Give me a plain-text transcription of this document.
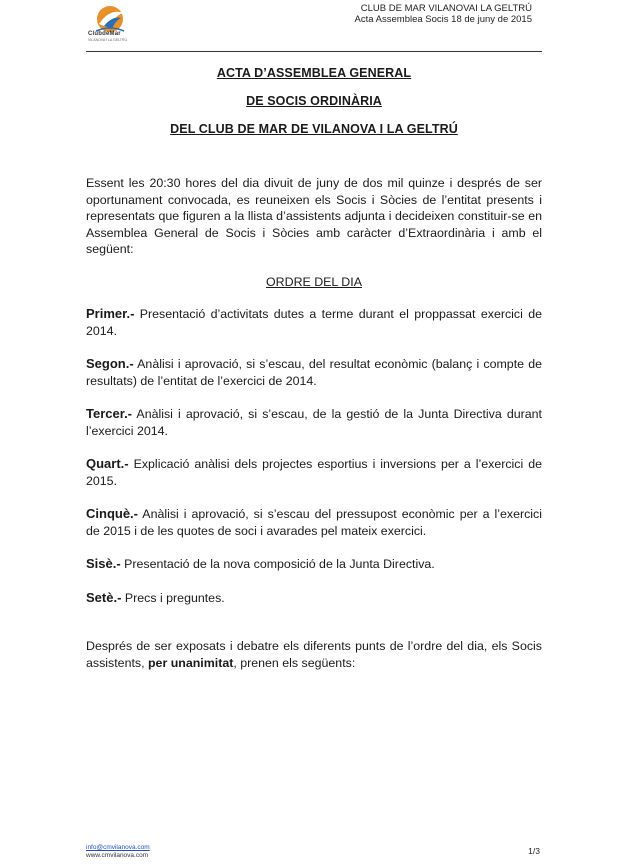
ClubdeMar
VILANOVA I LA GELTRÚ
CLUB DE MAR VILANOVAI LA GELTRÚ
Acta Assemblea Socis 18 de juny de 2015

ACTA D’ASSEMBLEA GENERAL

DE SOCIS ORDINÀRIA

DEL CLUB DE MAR DE VILANOVA I LA GELTRÚ

Essent les 20:30 hores del dia divuit de juny de dos mil quinze i després de ser oportunament convocada, es reuneixen els Socis i Sòcies de l’entitat presents i representats que figuren a la llista d’assistents adjunta i decideixen constituir-se en Assemblea General de Socis i Sòcies amb caràcter d’Extraordinària i amb el següent:

ORDRE DEL DIA

Primer.- Presentació d’activitats dutes a terme durant el proppassat exercici de 2014.

Segon.- Anàlisi i aprovació, si s’escau, del resultat econòmic (balanç i compte de resultats) de l’entitat de l’exercici de 2014.

Tercer.- Anàlisi i aprovació, si s’escau, de la gestió de la Junta Directiva durant l’exercici 2014.

Quart.- Explicació anàlisi dels projectes esportius i inversions per a l’exercici de 2015.

Cinquè.- Anàlisi i aprovació, si s’escau del pressupost econòmic per a l’exercici de 2015 i de les quotes de soci i avarades pel mateix exercici.

Sisè.- Presentació de la nova composició de la Junta Directiva.

Setè.- Precs i preguntes.

Després de ser exposats i debatre els diferents punts de l’ordre del dia, els Socis assistents, per unanimitat, prenen els següents:

info@cmvilanova.com
www.cmvilanova.com	1/3
